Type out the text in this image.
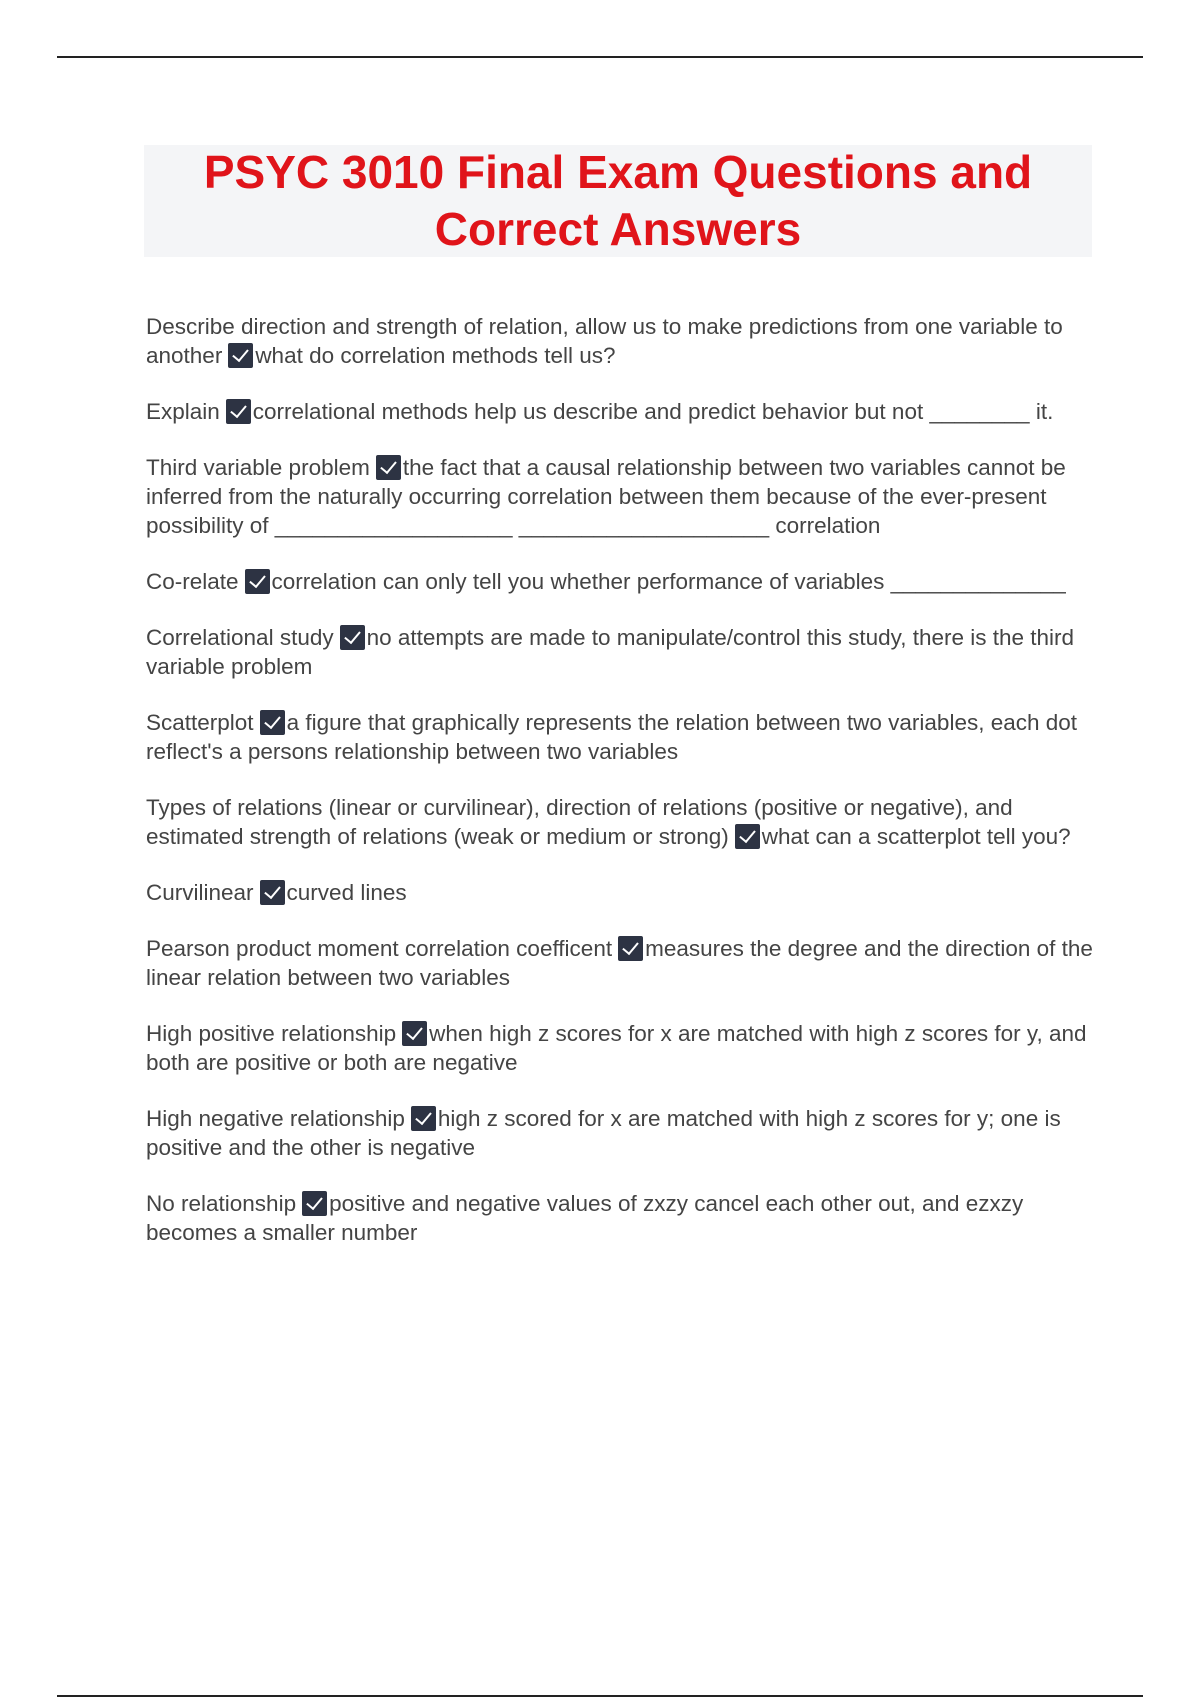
PSYC 3010 Final Exam Questions and Correct Answers

Describe direction and strength of relation, allow us to make predictions from one variable to another what do correlation methods tell us?

Explain correlational methods help us describe and predict behavior but not ________ it.

Third variable problem the fact that a causal relationship between two variables cannot be inferred from the naturally occurring correlation between them because of the ever-present possibility of ___________________ ____________________ correlation

Co-relate correlation can only tell you whether performance of variables ______________

Correlational study no attempts are made to manipulate/control this study, there is the third variable problem

Scatterplot a figure that graphically represents the relation between two variables, each dot reflect's a persons relationship between two variables

Types of relations (linear or curvilinear), direction of relations (positive or negative), and estimated strength of relations (weak or medium or strong) what can a scatterplot tell you?

Curvilinear curved lines

Pearson product moment correlation coefficent measures the degree and the direction of the linear relation between two variables

High positive relationship when high z scores for x are matched with high z scores for y, and both are positive or both are negative

High negative relationship high z scored for x are matched with high z scores for y; one is positive and the other is negative

No relationship positive and negative values of zxzy cancel each other out, and ezxzy becomes a smaller number
